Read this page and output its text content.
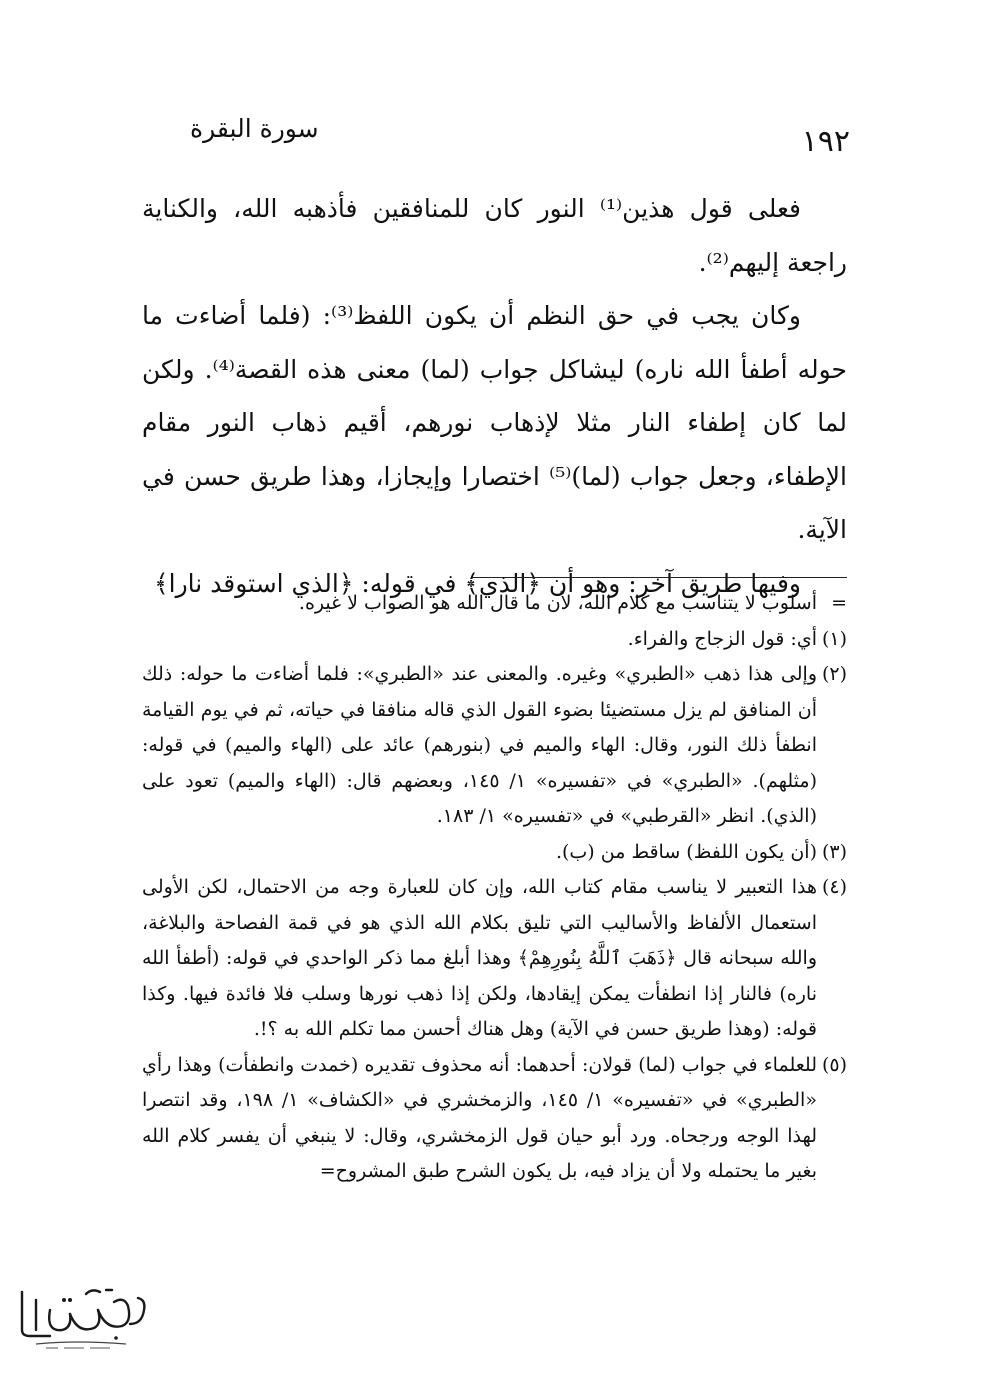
١٩٢
سورة البقرة

فعلى قول هذين⁽¹⁾ النور كان للمنافقين فأذهبه الله، والكناية راجعة إليهم⁽²⁾.

وكان يجب في حق النظم أن يكون اللفظ⁽³⁾: (فلما أضاءت ما حوله أطفأ الله ناره) ليشاكل جواب (لما) معنى هذه القصة⁽⁴⁾. ولكن لما كان إطفاء النار مثلا لإذهاب نورهم، أقيم ذهاب النور مقام الإطفاء، وجعل جواب (لما)⁽⁵⁾ اختصارا وإيجازا، وهذا طريق حسن في الآية.

وفيها طريق آخر: وهو أن ﴿الذي﴾ في قوله: ﴿الذي استوقد نارا﴾

=
أسلوب لا يتناسب مع كلام الله، لأن ما قال الله هو الصواب لا غيره.
(١)
أي: قول الزجاج والفراء.
(٢)
وإلى هذا ذهب «الطبري» وغيره. والمعنى عند «الطبري»: فلما أضاءت ما حوله: ذلك أن المنافق لم يزل مستضيئا بضوء القول الذي قاله منافقا في حياته، ثم في يوم القيامة انطفأ ذلك النور، وقال: الهاء والميم في (بنورهم) عائد على (الهاء والميم) في قوله: (مثلهم). «الطبري» في «تفسيره» ١/ ١٤٥، وبعضهم قال: (الهاء والميم) تعود على (الذي). انظر «القرطبي» في «تفسيره» ١/ ١٨٣.
(٣)
(أن يكون اللفظ) ساقط من (ب).
(٤)
هذا التعبير لا يناسب مقام كتاب الله، وإن كان للعبارة وجه من الاحتمال، لكن الأولى استعمال الألفاظ والأساليب التي تليق بكلام الله الذي هو في قمة الفصاحة والبلاغة، والله سبحانه قال ﴿ذَهَبَ ٱللَّهُ بِنُورِهِمْ﴾ وهذا أبلغ مما ذكر الواحدي في قوله: (أطفأ الله ناره) فالنار إذا انطفأت يمكن إيقادها، ولكن إذا ذهب نورها وسلب فلا فائدة فيها. وكذا قوله: (وهذا طريق حسن في الآية) وهل هناك أحسن مما تكلم الله به ؟!.
(٥)
للعلماء في جواب (لما) قولان: أحدهما: أنه محذوف تقديره (خمدت وانطفأت) وهذا رأي «الطبري» في «تفسيره» ١/ ١٤٥، والزمخشري في «الكشاف» ١/ ١٩٨، وقد انتصرا لهذا الوجه ورجحاه. ورد أبو حيان قول الزمخشري، وقال: لا ينبغي أن يفسر كلام الله بغير ما يحتمله ولا أن يزاد فيه، بل يكون الشرح طبق المشروح=
